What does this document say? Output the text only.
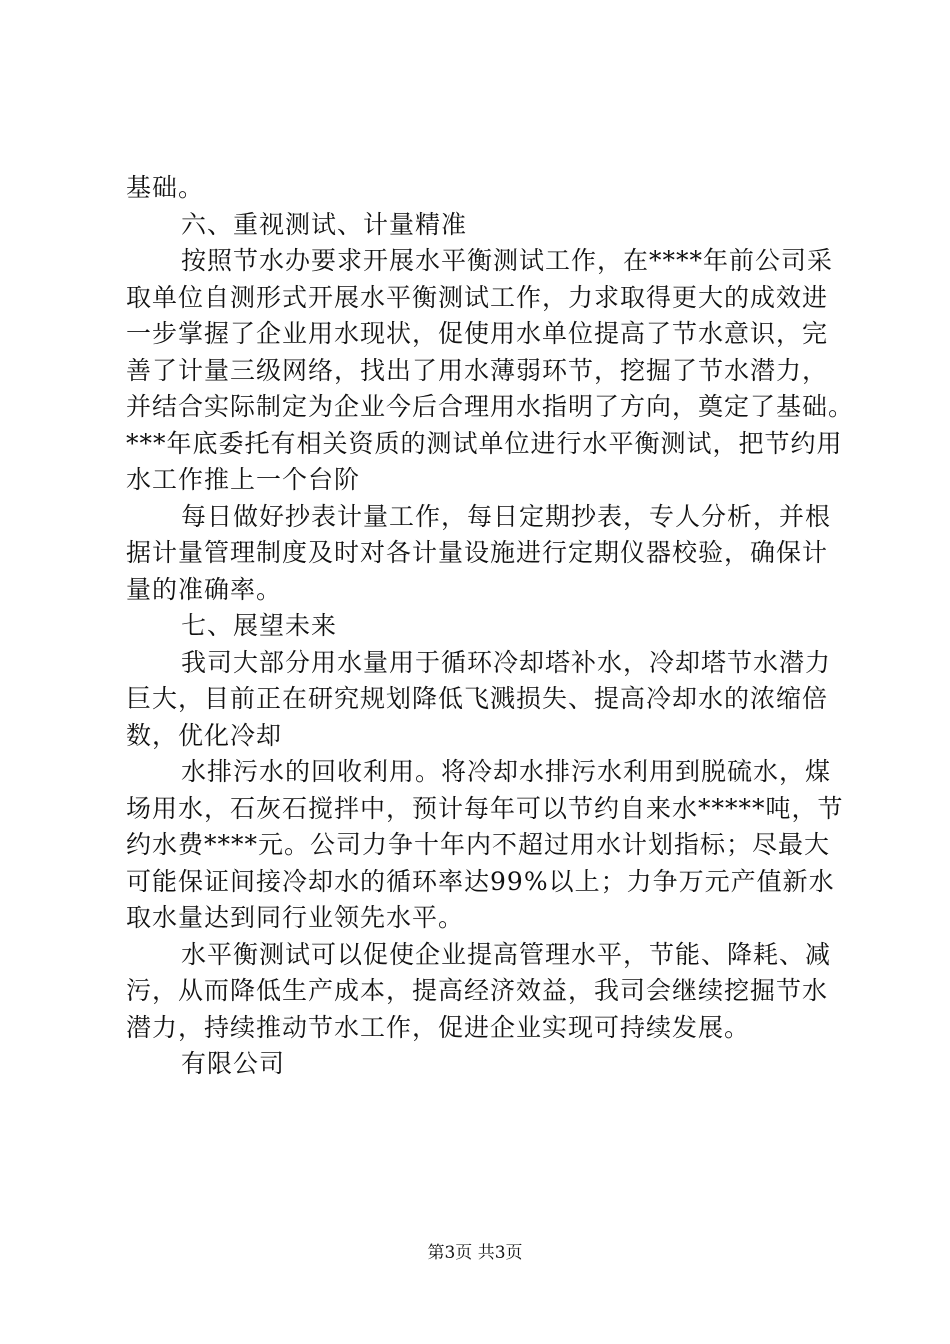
基础。
六、重视测试、计量精准
按照节水办要求开展水平衡测试工作，在****年前公司采
取单位自测形式开展水平衡测试工作，力求取得更大的成效进
一步掌握了企业用水现状，促使用水单位提高了节水意识，完
善了计量三级网络，找出了用水薄弱环节，挖掘了节水潜力，
并结合实际制定为企业今后合理用水指明了方向，奠定了基础。
***年底委托有相关资质的测试单位进行水平衡测试，把节约用
水工作推上一个台阶
每日做好抄表计量工作，每日定期抄表，专人分析，并根
据计量管理制度及时对各计量设施进行定期仪器校验，确保计
量的准确率。
七、展望未来
我司大部分用水量用于循环冷却塔补水，冷却塔节水潜力
巨大，目前正在研究规划降低飞溅损失、提高冷却水的浓缩倍
数，优化冷却
水排污水的回收利用。将冷却水排污水利用到脱硫水，煤
场用水，石灰石搅拌中，预计每年可以节约自来水*****吨，节
约水费****元。公司力争十年内不超过用水计划指标；尽最大
可能保证间接冷却水的循环率达99%以上；力争万元产值新水
取水量达到同行业领先水平。
水平衡测试可以促使企业提高管理水平，节能、降耗、减
污，从而降低生产成本，提高经济效益，我司会继续挖掘节水
潜力，持续推动节水工作，促进企业实现可持续发展。
有限公司
第3页 共3页
